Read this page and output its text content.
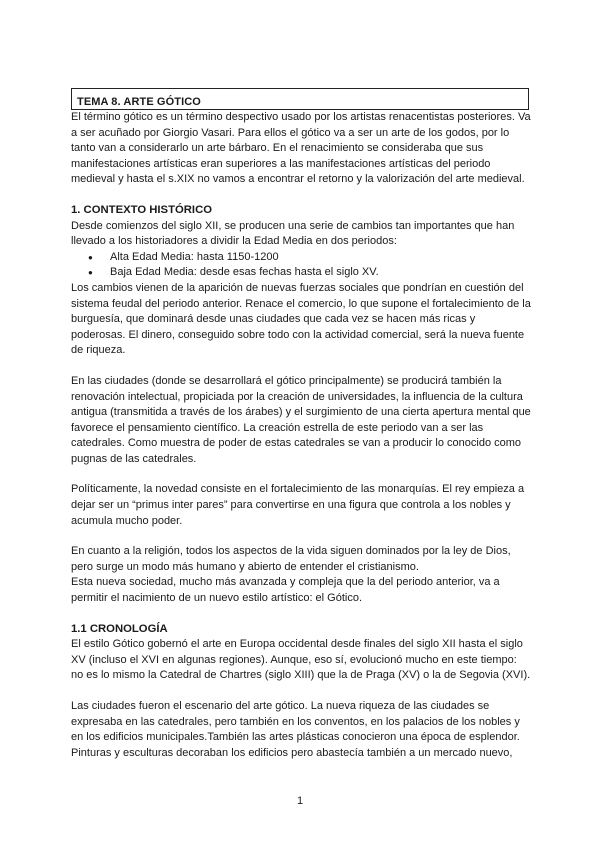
TEMA 8. ARTE GÓTICO

El término gótico es un término despectivo usado por los artistas renacentistas posteriores. Va a ser acuñado por Giorgio Vasari. Para ellos el gótico va a ser un arte de los godos, por lo tanto van a considerarlo un arte bárbaro. En el renacimiento se consideraba que sus manifestaciones artísticas eran superiores a las manifestaciones artísticas del periodo medieval y hasta el s.XIX no vamos a encontrar el retorno y la valorización del arte medieval.

1. CONTEXTO HISTÓRICO

Desde comienzos del siglo XII, se producen una serie de cambios tan importantes que han llevado a los historiadores a dividir la Edad Media en dos periodos:

● Alta Edad Media: hasta 1150-1200
● Baja Edad Media: desde esas fechas hasta el siglo XV.

Los cambios vienen de la aparición de nuevas fuerzas sociales que pondrían en cuestión del sistema feudal del periodo anterior. Renace el comercio, lo que supone el fortalecimiento de la burguesía, que dominará desde unas ciudades que cada vez se hacen más ricas y poderosas. El dinero, conseguido sobre todo con la actividad comercial, será la nueva fuente de riqueza.

En las ciudades (donde se desarrollará el gótico principalmente) se producirá también la renovación intelectual, propiciada por la creación de universidades, la influencia de la cultura antigua (transmitida a través de los árabes) y el surgimiento de una cierta apertura mental que favorece el pensamiento científico. La creación estrella de este periodo van a ser las catedrales. Como muestra de poder de estas catedrales se van a producir lo conocido como pugnas de las catedrales.

Políticamente, la novedad consiste en el fortalecimiento de las monarquías. El rey empieza a dejar ser un “primus inter pares” para convertirse en una figura que controla a los nobles y acumula mucho poder.

En cuanto a la religión, todos los aspectos de la vida siguen dominados por la ley de Dios, pero surge un modo más humano y abierto de entender el cristianismo.

Esta nueva sociedad, mucho más avanzada y compleja que la del periodo anterior, va a permitir el nacimiento de un nuevo estilo artístico: el Gótico.

1.1 CRONOLOGÍA

El estilo Gótico gobernó el arte en Europa occidental desde finales del siglo XII hasta el siglo XV (incluso el XVI en algunas regiones). Aunque, eso sí, evolucionó mucho en este tiempo: no es lo mismo la Catedral de Chartres (siglo XIII) que la de Praga (XV) o la de Segovia (XVI).

Las ciudades fueron el escenario del arte gótico. La nueva riqueza de las ciudades se expresaba en las catedrales, pero también en los conventos, en los palacios de los nobles y en los edificios municipales.También las artes plásticas conocieron una época de esplendor. Pinturas y esculturas decoraban los edificios pero abastecía también a un mercado nuevo,

1
